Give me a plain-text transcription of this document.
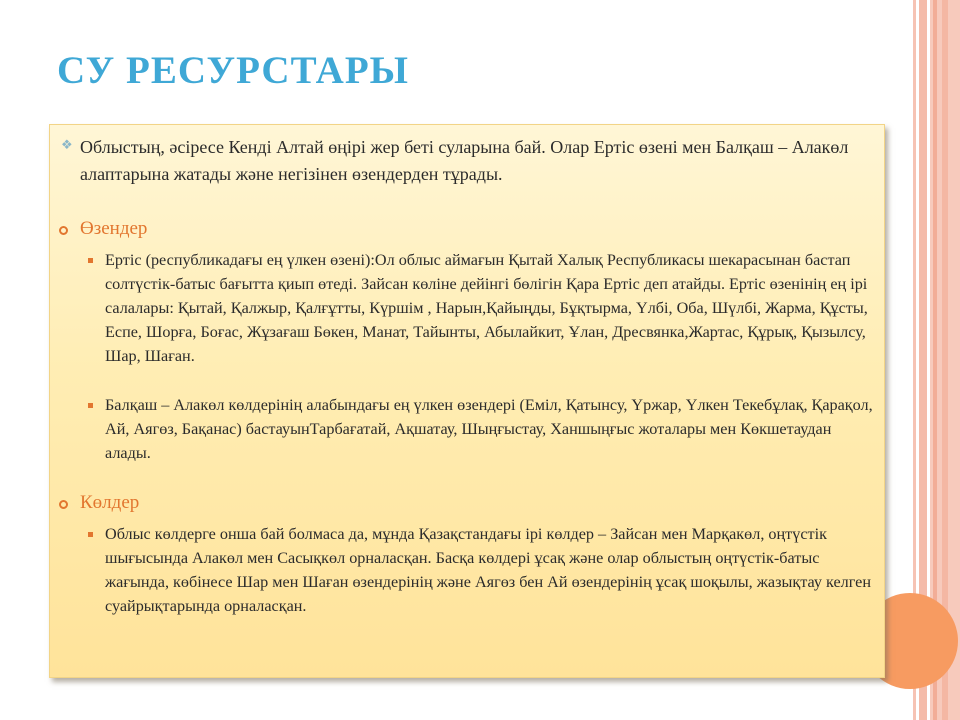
СУ РЕСУРСТАРЫ
❖ Облыстың, әсіресе Кенді Алтай өңірі жер беті суларына бай. Олар Ертіс өзені мен Балқаш – Алакөл алаптарына жатады және негізінен өзендерден тұрады.
Өзендер
Ертіс (республикадағы ең үлкен өзені):Ол облыс аймағын Қытай Халық Республикасы шекарасынан бастап солтүстік-батыс бағытта қиып өтеді. Зайсан көліне дейінгі бөлігін Қара Ертіс деп атайды. Ертіс өзенінің ең ірі салалары: Қытай, Қалжыр, Қалғұтты, Күршім , Нарын,Қайыңды, Бұқтырма, Үлбі, Оба, Шүлбі, Жарма, Құсты, Еспе, Шорға, Боғас, Жұзағаш Бөкен, Манат, Тайынты, Абылайкит, Ұлан, Дресвянка,Жартас, Құрық, Қызылсу, Шар, Шаған.
Балқаш – Алакөл көлдерінің алабындағы ең үлкен өзендері (Еміл, Қатынсу, Үржар, Үлкен Текебұлақ, Қарақол, Ай, Аягөз, Бақанас) бастауынТарбағатай, Ақшатау, Шыңғыстау, Ханшыңғыс жоталары мен Көкшетаудан алады.
Көлдер
Облыс көлдерге онша бай болмаса да, мұнда Қазақстандағы ірі көлдер – Зайсан мен Марқакөл, оңтүстік шығысында Алакөл мен Сасықкөл орналасқан. Басқа көлдері ұсақ және олар облыстың оңтүстік-батыс жағында, көбінесе Шар мен Шаған өзендерінің және Аягөз бен Ай өзендерінің ұсақ шоқылы, жазықтау келген суайрықтарында орналасқан.
